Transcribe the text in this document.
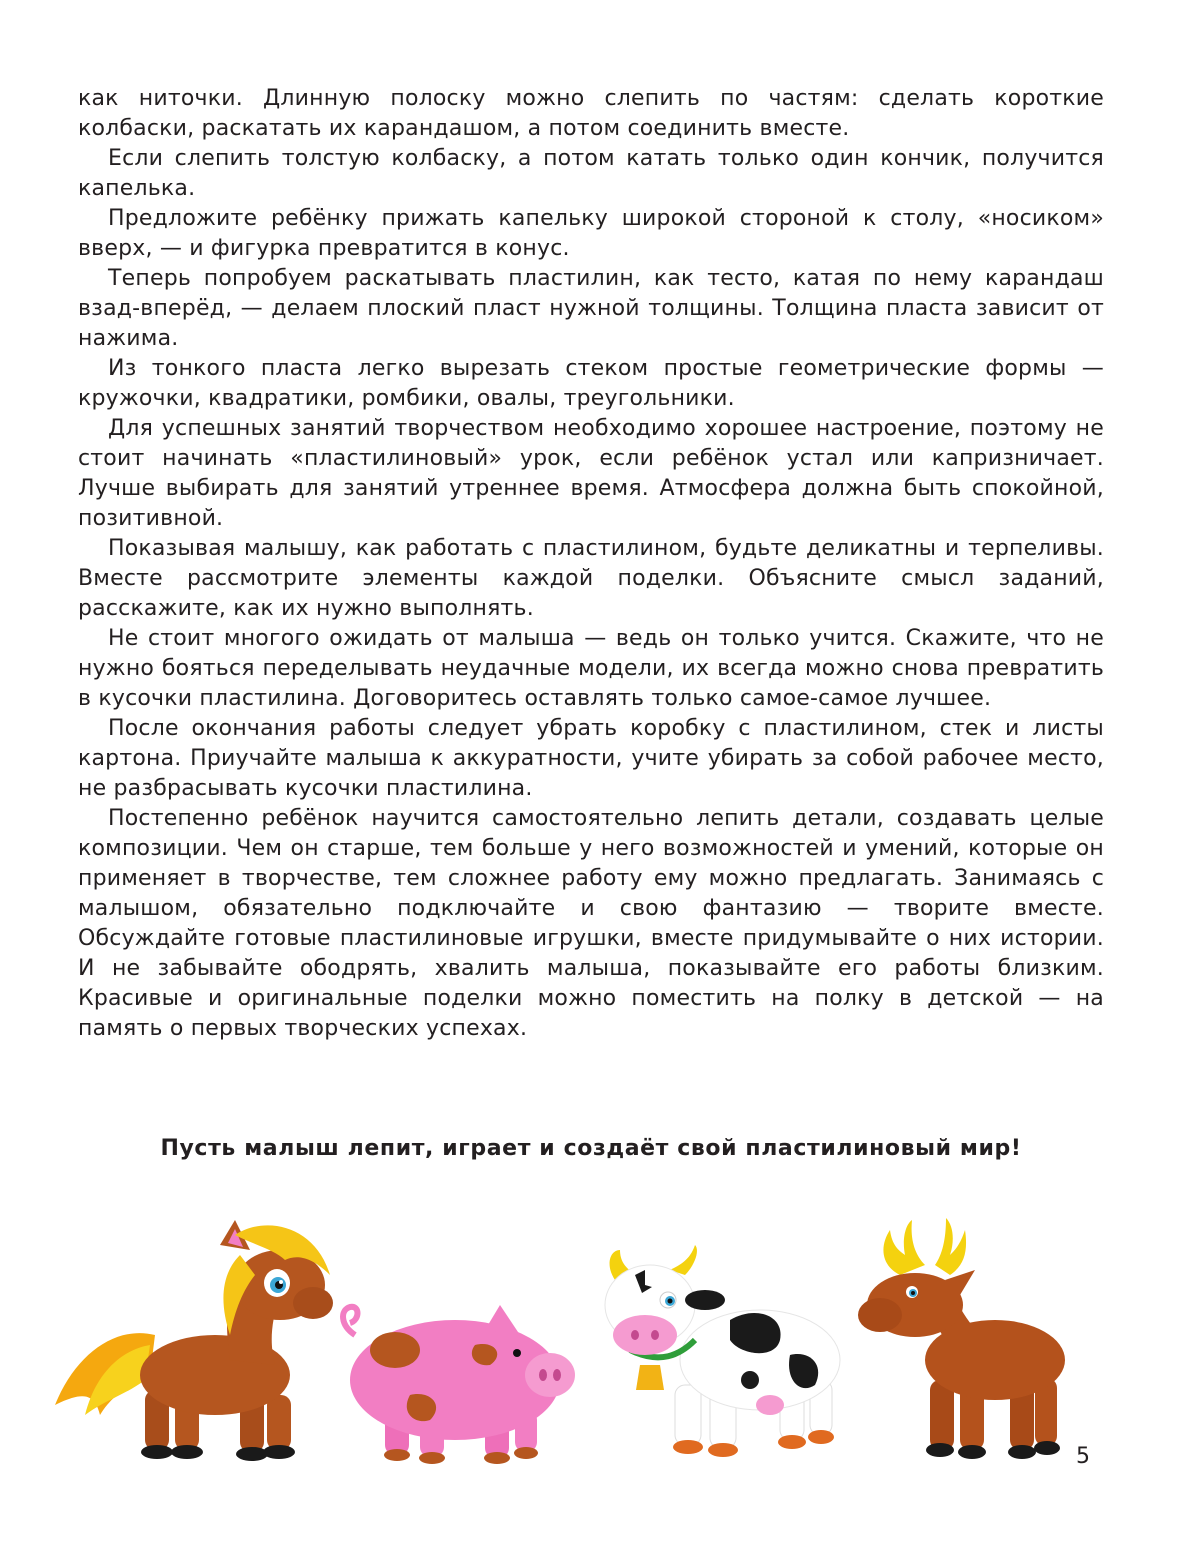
как ниточки. Длинную полоску можно слепить по частям: сделать короткие колбаски, раскатать их карандашом, а потом соединить вместе.

Если слепить толстую колбаску, а потом катать только один кончик, получится капелька.

Предложите ребёнку прижать капельку широкой стороной к столу, «носиком» вверх, — и фигурка превратится в конус.

Теперь попробуем раскатывать пластилин, как тесто, катая по нему карандаш взад-вперёд, — делаем плоский пласт нужной толщины. Толщина пласта зависит от нажима.

Из тонкого пласта легко вырезать стеком простые геометрические формы — кружочки, квадратики, ромбики, овалы, треугольники.

Для успешных занятий творчеством необходимо хорошее настроение, поэтому не стоит начинать «пластилиновый» урок, если ребёнок устал или капризничает. Лучше выбирать для занятий утреннее время. Атмосфера должна быть спокойной, позитивной.

Показывая малышу, как работать с пластилином, будьте деликатны и терпеливы. Вместе рассмотрите элементы каждой поделки. Объясните смысл заданий, расскажите, как их нужно выполнять.

Не стоит многого ожидать от малыша — ведь он только учится. Скажите, что не нужно бояться переделывать неудачные модели, их всегда можно снова превратить в кусочки пластилина. Договоритесь оставлять только самое-самое лучшее.

После окончания работы следует убрать коробку с пластилином, стек и листы картона. Приучайте малыша к аккуратности, учите убирать за собой рабочее место, не разбрасывать кусочки пластилина.

Постепенно ребёнок научится самостоятельно лепить детали, создавать целые композиции. Чем он старше, тем больше у него возможностей и умений, которые он применяет в творчестве, тем сложнее работу ему можно предлагать. Занимаясь с малышом, обязательно подключайте и свою фантазию — творите вместе. Обсуждайте готовые пластилиновые игрушки, вместе придумывайте о них истории. И не забывайте ободрять, хвалить малыша, показывайте его работы близким. Красивые и оригинальные поделки можно поместить на полку в детской — на память о первых творческих успехах.

Пусть малыш лепит, играет и создаёт свой пластилиновый мир!
5
